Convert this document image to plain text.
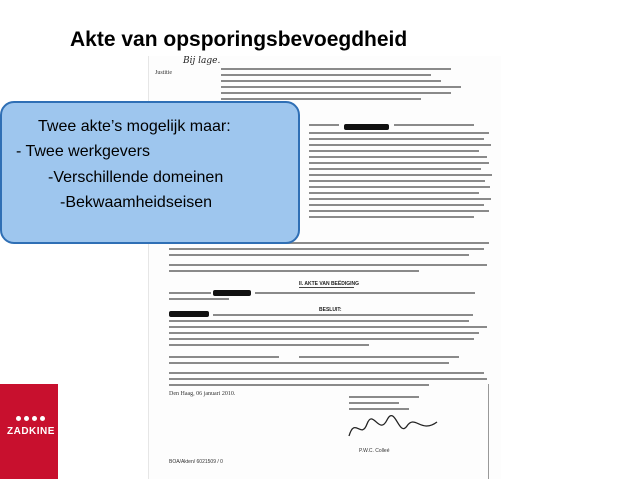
Akte van opsporingsbevoegdheid
Justitie
Bij lage.
II. AKTE VAN BEËDIGING
BESLUIT:
Den Haag, 06 januari 2010.
P.W.C. Colleé
BOA/Akten/ 6021509 / 0
Twee akte’s mogelijk maar:
- Twee werkgevers
-Verschillende domeinen
-Bekwaamheidseisen
ZADKINE
